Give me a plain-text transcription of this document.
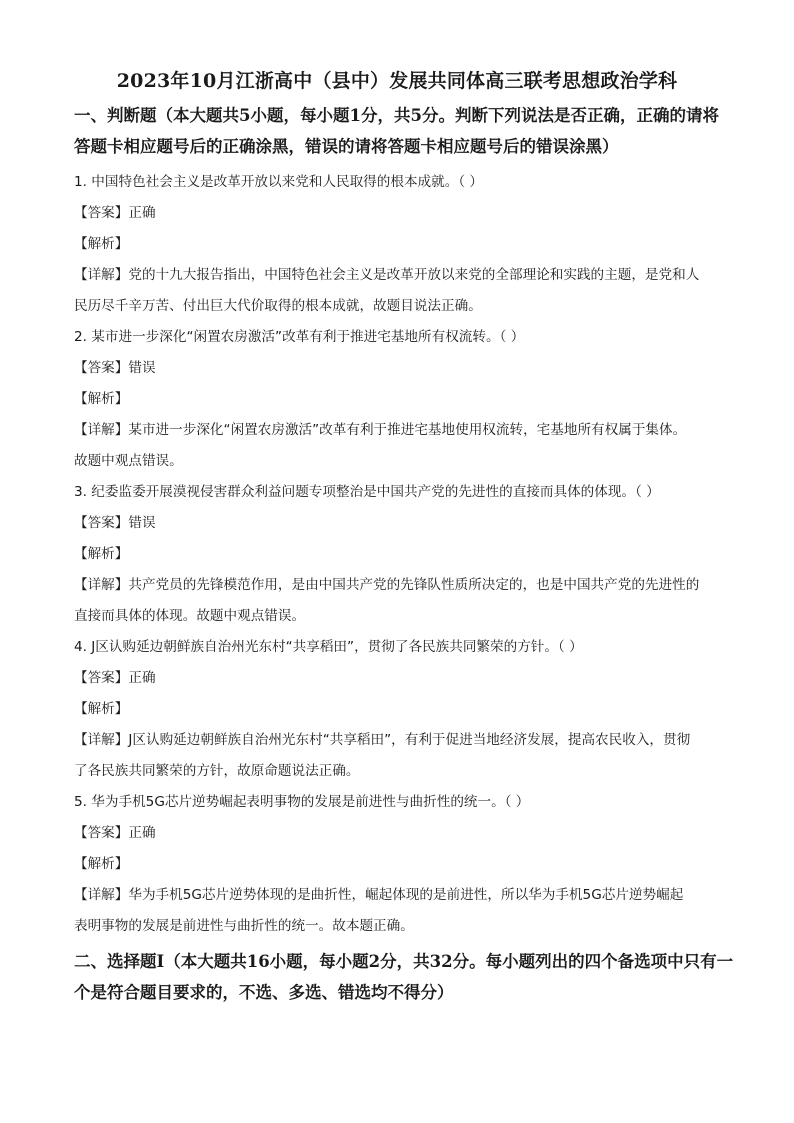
2023年10月江浙高中（县中）发展共同体高三联考思想政治学科
一、判断题（本大题共5小题，每小题1分，共5分。判断下列说法是否正确，正确的请将
答题卡相应题号后的正确涂黑，错误的请将答题卡相应题号后的错误涂黑）
1. 中国特色社会主义是改革开放以来党和人民取得的根本成就。（ ）
【答案】正确
【解析】
【详解】党的十九大报告指出，中国特色社会主义是改革开放以来党的全部理论和实践的主题，是党和人
民历尽千辛万苦、付出巨大代价取得的根本成就，故题目说法正确。
2. 某市进一步深化“闲置农房激活”改革有利于推进宅基地所有权流转。（ ）
【答案】错误
【解析】
【详解】某市进一步深化“闲置农房激活”改革有利于推进宅基地使用权流转，宅基地所有权属于集体。
故题中观点错误。
3. 纪委监委开展漠视侵害群众利益问题专项整治是中国共产党的先进性的直接而具体的体现。（ ）
【答案】错误
【解析】
【详解】共产党员的先锋模范作用，是由中国共产党的先锋队性质所决定的，也是中国共产党的先进性的
直接而具体的体现。故题中观点错误。
4. J区认购延边朝鲜族自治州光东村“共享稻田”，贯彻了各民族共同繁荣的方针。（ ）
【答案】正确
【解析】
【详解】J区认购延边朝鲜族自治州光东村“共享稻田”，有利于促进当地经济发展，提高农民收入，贯彻
了各民族共同繁荣的方针，故原命题说法正确。
5. 华为手机5G芯片逆势崛起表明事物的发展是前进性与曲折性的统一。（ ）
【答案】正确
【解析】
【详解】华为手机5G芯片逆势体现的是曲折性，崛起体现的是前进性，所以华为手机5G芯片逆势崛起
表明事物的发展是前进性与曲折性的统一。故本题正确。
二、选择题Ⅰ（本大题共16小题，每小题2分，共32分。每小题列出的四个备选项中只有一
个是符合题目要求的，不选、多选、错选均不得分）
